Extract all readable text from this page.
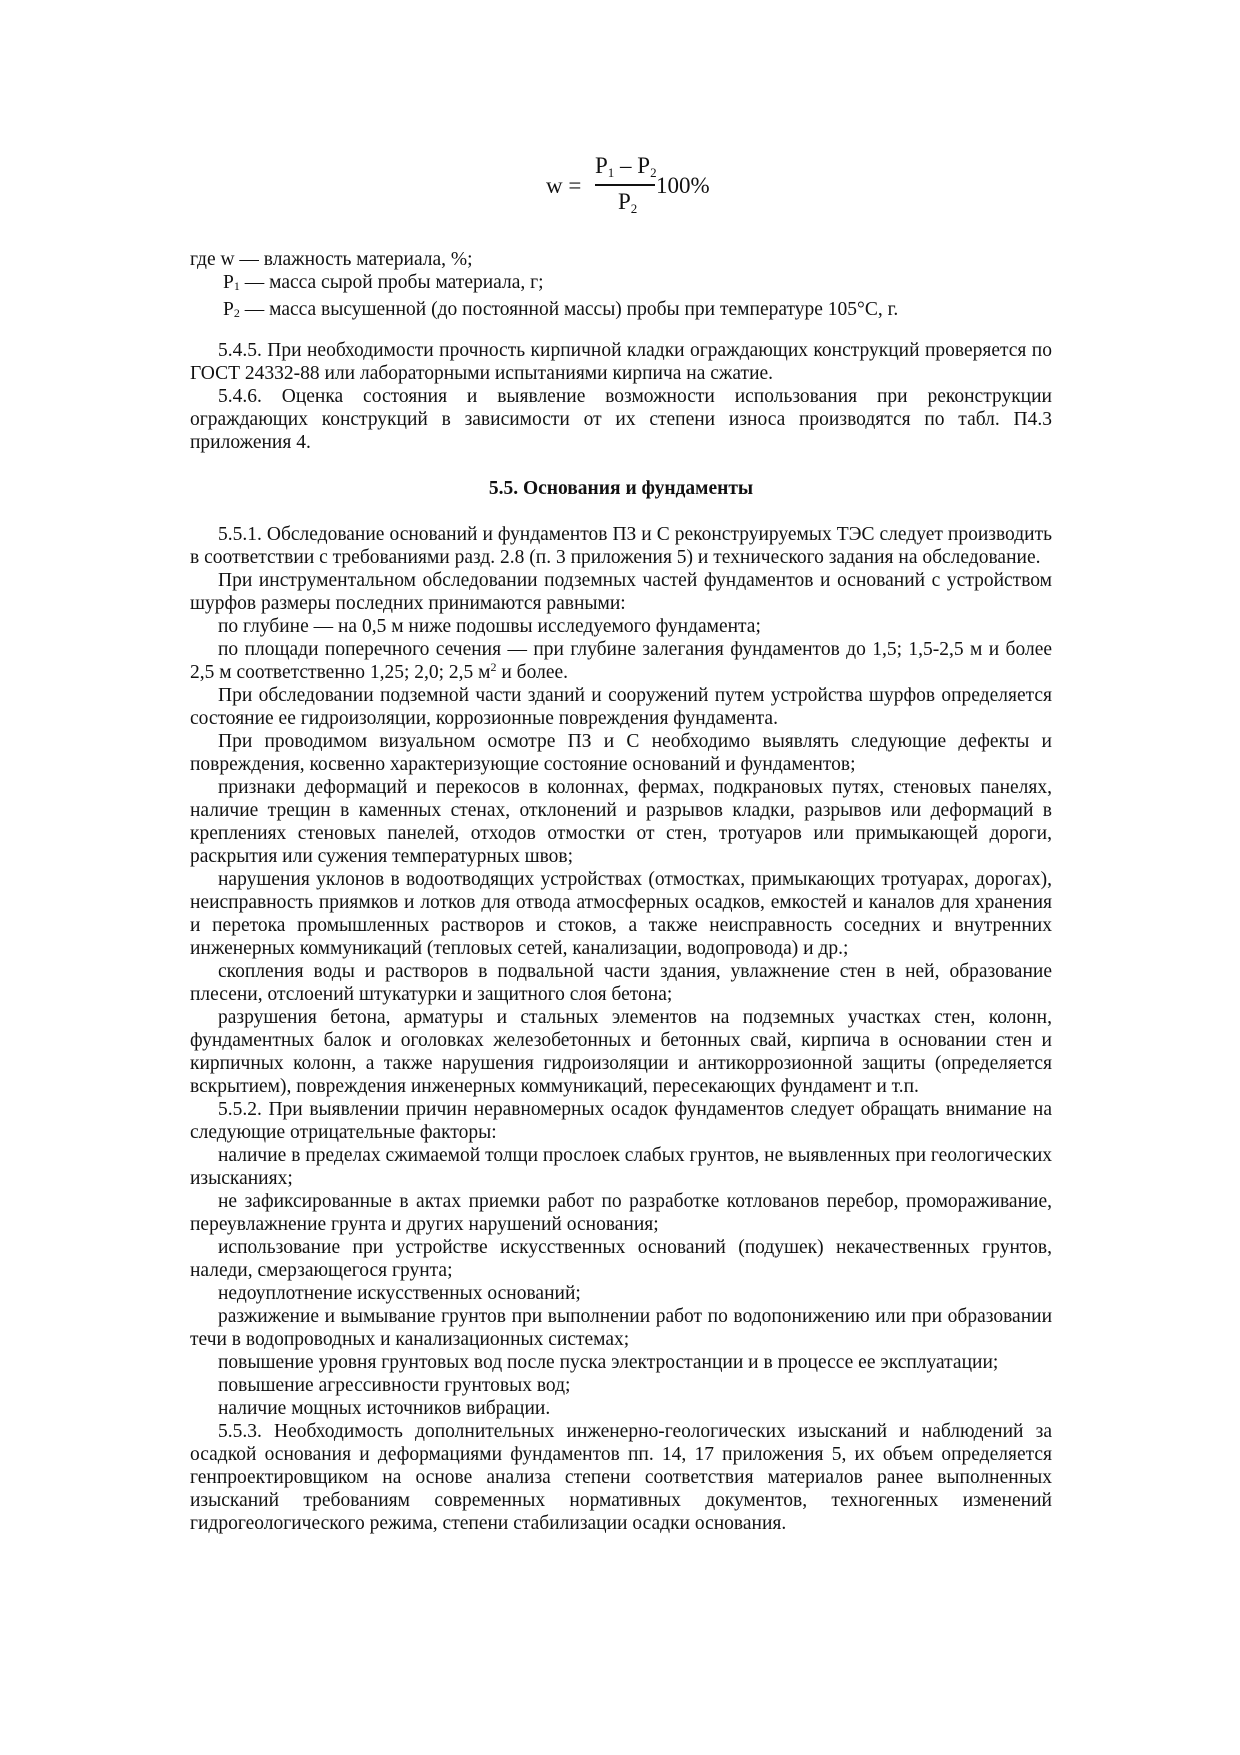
w =
$P_1 - P_2$
$P_2$
100%

где w — влажность материала, %;

$P_1$ — масса сырой пробы материала, г;

$P_2$ — масса высушенной (до постоянной массы) пробы при температуре 105°С, г.

5.4.5. При необходимости прочность кирпичной кладки ограждающих конструкций проверяется по ГОСТ 24332-88 или лабораторными испытаниями кирпича на сжатие.

5.4.6. Оценка состояния и выявление возможности использования при реконструкции ограждающих конструкций в зависимости от их степени износа производятся по табл. П4.3 приложения 4.

5.5. Основания и фундаменты

5.5.1. Обследование оснований и фундаментов ПЗ и С реконструируемых ТЭС следует производить в соответствии с требованиями разд. 2.8 (п. 3 приложения 5) и технического задания на обследование.

При инструментальном обследовании подземных частей фундаментов и оснований с устройством шурфов размеры последних принимаются равными:

по глубине — на 0,5 м ниже подошвы исследуемого фундамента;

по площади поперечного сечения — при глубине залегания фундаментов до 1,5; 1,5-2,5 м и более 2,5 м соответственно 1,25; 2,0; 2,5 $м^2$ и более.

При обследовании подземной части зданий и сооружений путем устройства шурфов определяется состояние ее гидроизоляции, коррозионные повреждения фундамента.

При проводимом визуальном осмотре ПЗ и С необходимо выявлять следующие дефекты и повреждения, косвенно характеризующие состояние оснований и фундаментов;

признаки деформаций и перекосов в колоннах, фермах, подкрановых путях, стеновых панелях, наличие трещин в каменных стенах, отклонений и разрывов кладки, разрывов или деформаций в креплениях стеновых панелей, отходов отмостки от стен, тротуаров или примыкающей дороги, раскрытия или сужения температурных швов;

нарушения уклонов в водоотводящих устройствах (отмостках, примыкающих тротуарах, дорогах), неисправность приямков и лотков для отвода атмосферных осадков, емкостей и каналов для хранения и перетока промышленных растворов и стоков, а также неисправность соседних и внутренних инженерных коммуникаций (тепловых сетей, канализации, водопровода) и др.;

скопления воды и растворов в подвальной части здания, увлажнение стен в ней, образование плесени, отслоений штукатурки и защитного слоя бетона;

разрушения бетона, арматуры и стальных элементов на подземных участках стен, колонн, фундаментных балок и оголовках железобетонных и бетонных свай, кирпича в основании стен и кирпичных колонн, а также нарушения гидроизоляции и антикоррозионной защиты (определяется вскрытием), повреждения инженерных коммуникаций, пересекающих фундамент и т.п.

5.5.2. При выявлении причин неравномерных осадок фундаментов следует обращать внимание на следующие отрицательные факторы:

наличие в пределах сжимаемой толщи прослоек слабых грунтов, не выявленных при геологических изысканиях;

не зафиксированные в актах приемки работ по разработке котлованов перебор, промораживание, переувлажнение грунта и других нарушений основания;

использование при устройстве искусственных оснований (подушек) некачественных грунтов, наледи, смерзающегося грунта;

недоуплотнение искусственных оснований;

разжижение и вымывание грунтов при выполнении работ по водопонижению или при образовании течи в водопроводных и канализационных системах;

повышение уровня грунтовых вод после пуска электростанции и в процессе ее эксплуатации;

повышение агрессивности грунтовых вод;

наличие мощных источников вибрации.

5.5.3. Необходимость дополнительных инженерно-геологических изысканий и наблюдений за осадкой основания и деформациями фундаментов пп. 14, 17 приложения 5, их объем определяется генпроектировщиком на основе анализа степени соответствия материалов ранее выполненных изысканий требованиям современных нормативных документов, техногенных изменений гидрогеологического режима, степени стабилизации осадки основания.
